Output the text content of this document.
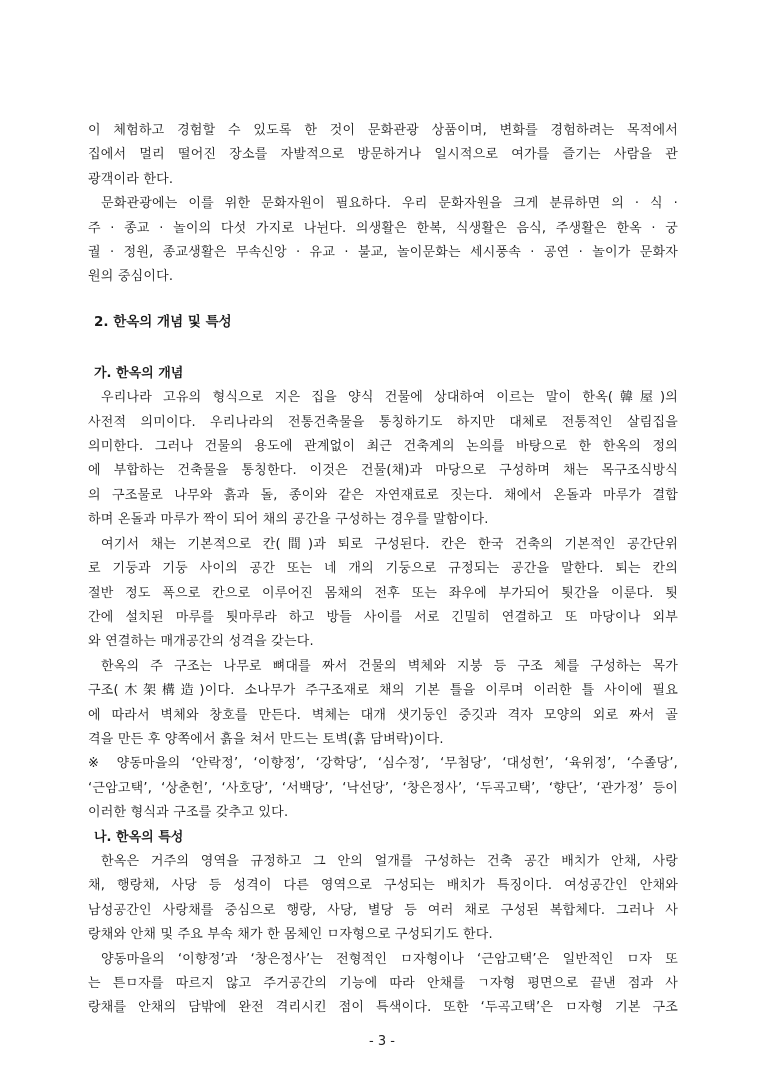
이 체험하고 경험할 수 있도록 한 것이 문화관광 상품이며, 변화를 경험하려는 목적에서
집에서 멀리 떨어진 장소를 자발적으로 방문하거나 일시적으로 여가를 즐기는 사람을 관
광객이라 한다.
문화관광에는 이를 위한 문화자원이 필요하다. 우리 문화자원을 크게 분류하면 의 · 식 ·
주 · 종교 · 놀이의 다섯 가지로 나뉜다. 의생활은 한복, 식생활은 음식, 주생활은 한옥 · 궁
궐 · 정원, 종교생활은 무속신앙 · 유교 · 불교, 놀이문화는 세시풍속 · 공연 · 놀이가 문화자
원의 중심이다.
2. 한옥의 개념 및 특성
가. 한옥의 개념
우리나라 고유의 형식으로 지은 집을 양식 건물에 상대하여 이르는 말이 한옥(韓屋)의
사전적 의미이다. 우리나라의 전통건축물을 통칭하기도 하지만 대체로 전통적인 살림집을
의미한다. 그러나 건물의 용도에 관계없이 최근 건축계의 논의를 바탕으로 한 한옥의 정의
에 부합하는 건축물을 통칭한다. 이것은 건물(채)과 마당으로 구성하며 채는 목구조식방식
의 구조물로 나무와 흙과 돌, 종이와 같은 자연재료로 짓는다. 채에서 온돌과 마루가 결합
하며 온돌과 마루가 짝이 되어 채의 공간을 구성하는 경우를 말함이다.
여기서 채는 기본적으로 칸(間)과 퇴로 구성된다. 칸은 한국 건축의 기본적인 공간단위
로 기둥과 기둥 사이의 공간 또는 네 개의 기둥으로 규정되는 공간을 말한다. 퇴는 칸의
절반 정도 폭으로 칸으로 이루어진 몸채의 전후 또는 좌우에 부가되어 툇간을 이룬다. 툇
간에 설치된 마루를 툇마루라 하고 방들 사이를 서로 긴밀히 연결하고 또 마당이나 외부
와 연결하는 매개공간의 성격을 갖는다.
한옥의 주 구조는 나무로 뼈대를 짜서 건물의 벽체와 지붕 등 구조 체를 구성하는 목가
구조(木架構造)이다. 소나무가 주구조재로 채의 기본 틀을 이루며 이러한 틀 사이에 필요
에 따라서 벽체와 창호를 만든다. 벽체는 대개 샛기둥인 중깃과 격자 모양의 외로 짜서 골
격을 만든 후 양쪽에서 흙을 쳐서 만드는 토벽(흙 담벼락)이다.
※ 양동마을의 ‘안락정’, ‘이향정’, ‘강학당’, ‘심수정’, ‘무첨당’, ‘대성헌’, ‘육위정’, ‘수졸당’,
‘근암고택’, ‘상춘헌’, ‘사호당’, ‘서백당’, ‘낙선당’, ‘창은정사’, ‘두곡고택’, ‘향단’, ‘관가정’ 등이
이러한 형식과 구조를 갖추고 있다.
나. 한옥의 특성
한옥은 거주의 영역을 규정하고 그 안의 얼개를 구성하는 건축 공간 배치가 안채, 사랑
채, 행랑채, 사당 등 성격이 다른 영역으로 구성되는 배치가 특징이다. 여성공간인 안채와
남성공간인 사랑채를 중심으로 행랑, 사당, 별당 등 여러 채로 구성된 복합체다. 그러나 사
랑채와 안채 및 주요 부속 채가 한 몸체인 ㅁ자형으로 구성되기도 한다.
양동마을의 ‘이향정’과 ‘창은정사’는 전형적인 ㅁ자형이나 ‘근암고택’은 일반적인 ㅁ자 또
는 튼ㅁ자를 따르지 않고 주거공간의 기능에 따라 안채를 ㄱ자형 평면으로 끝낸 점과 사
랑채를 안채의 담밖에 완전 격리시킨 점이 특색이다. 또한 ‘두곡고택’은 ㅁ자형 기본 구조
- 3 -
